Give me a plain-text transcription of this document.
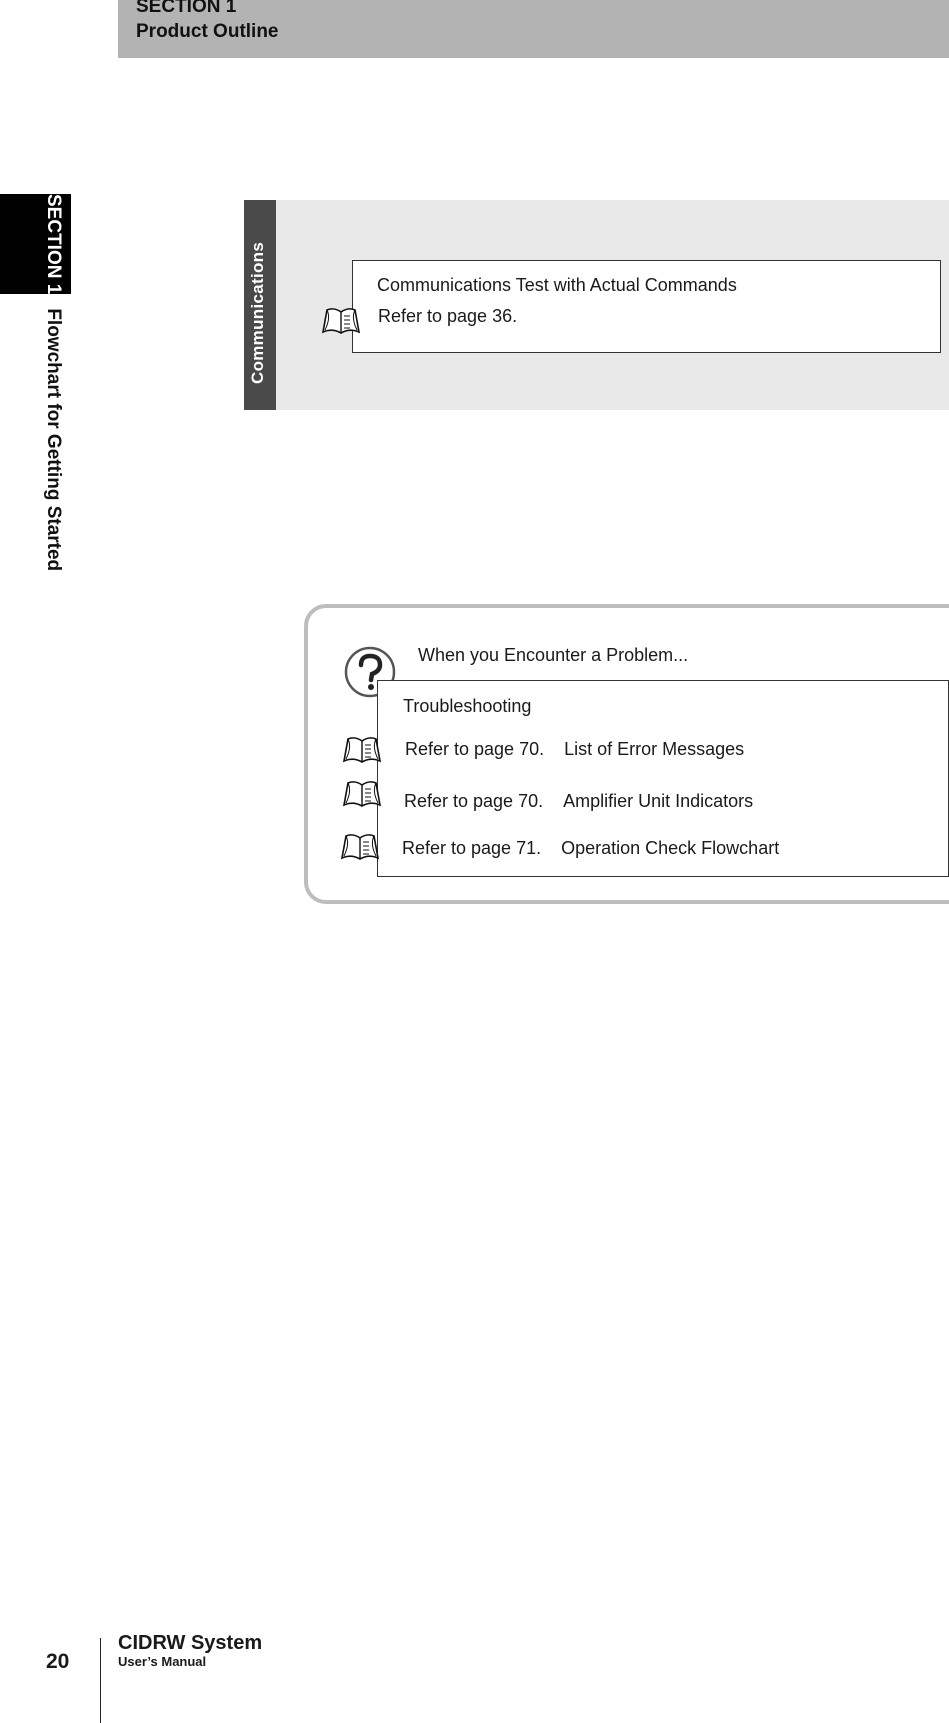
SECTION 1
Product Outline
SECTION 1Flowchart for Getting Started	Communications	Communications Test with Actual Commands
Refer to page 36.
When you Encounter a Problem...
Troubleshooting
Refer to page 70. List of Error Messages
Refer to page 70. Amplifier Unit Indicators
Refer to page 71. Operation Check Flowchart
20
CIDRW System
User’s Manual
